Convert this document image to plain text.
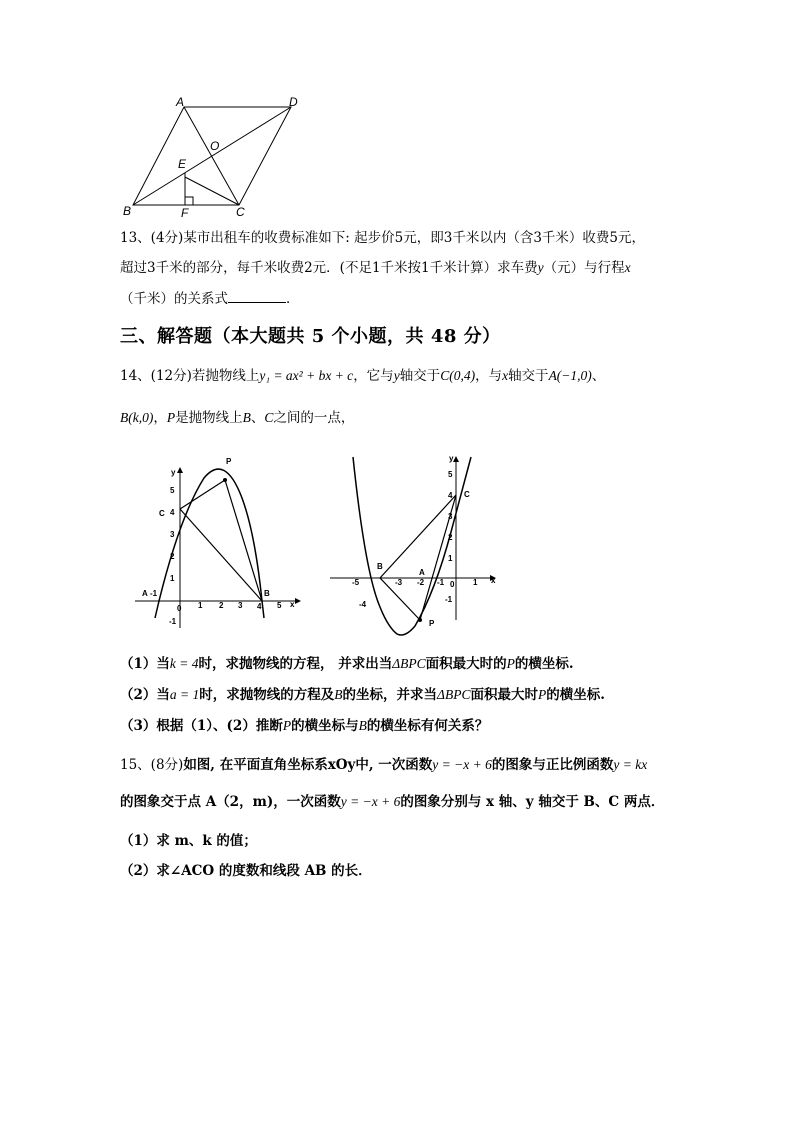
A	D
O
E
B	F	C
13、(4分)某市出租车的收费标准如下: 起步价5元，即3千米以内（含3千米）收费5元，
超过3千米的部分，每千米收费2元．(不足1千米按1千米计算）求车费y（元）与行程x
（千米）的关系式	．
三、解答题（本大题共 5 个小题，共 48 分）
14、(12分)若抛物线上y₁ = ax² + bx + c，它与y轴交于C(0,4)，与x轴交于A(−1,0)、
B(k,0)，P是抛物线上B、C之间的一点，
-1
0 1 2 3 4 5
-1
1
2
3
4
5
x
y
P
C
A	B
-5
-4
-3 -2 -1 0 1
-1
1
2
3
4
5
x
y
B
A
C
P
（1）当k = 4时，求抛物线的方程， 并求出当ΔBPC面积最大时的P的横坐标.
（2）当a = 1时，求抛物线的方程及B的坐标，并求当ΔBPC面积最大时P的横坐标.
（3）根据（1）、(2）推断P的横坐标与B的横坐标有何关系？
15、(8分)如图, 在平面直角坐标系xOy中, 一次函数y = −x + 6的图象与正比例函数y = kx
的图象交于点 A（2，m)，一次函数y = −x + 6的图象分别与 x 轴、y 轴交于 B、C 两点．
（1）求 m、k 的值；
（2）求∠ACO 的度数和线段 AB 的长．
